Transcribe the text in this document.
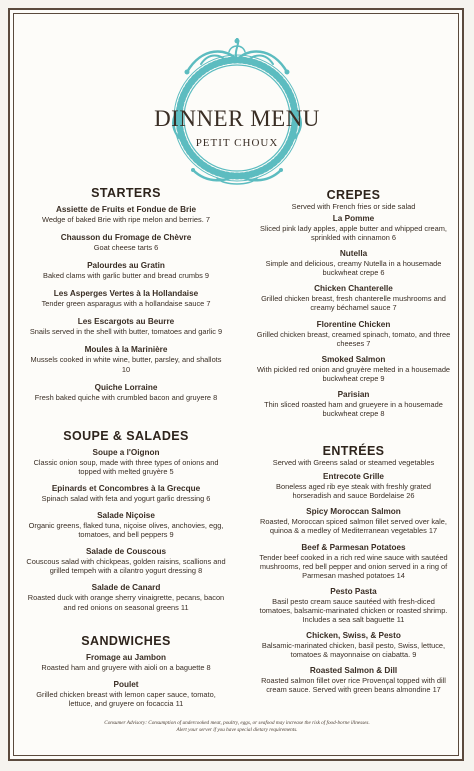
DINNER MENU
PETIT CHOUX

STARTERS

Assiette de Fruits et Fondue de Brie
Wedge of baked Brie with ripe melon and berries. 7
Chausson du Fromage de Chèvre
Goat cheese tarts 6
Palourdes au Gratin
Baked clams with garlic butter and bread crumbs 9
Les Asperges Vertes à la Hollandaise
Tender green asparagus with a hollandaise sauce 7
Les Escargots au Beurre
Snails served in the shell with butter, tomatoes and garlic 9
Moules à la Marinière
Mussels cooked in white wine, butter, parsley, and shallots 10
Quiche Lorraine
Fresh baked quiche with crumbled bacon and gruyere 8

SOUPE & SALADES

Soupe a l'Oignon
Classic onion soup, made with three types of onions and topped with melted gruyère 5
Epinards et Concombres à la Grecque
Spinach salad with feta and yogurt garlic dressing 6
Salade Niçoise
Organic greens, flaked tuna, niçoise olives, anchovies, egg, tomatoes, and bell peppers 9
Salade de Couscous
Couscous salad with chickpeas, golden raisins, scallions and grilled tempeh with a cilantro yogurt dressing 8
Salade de Canard
Roasted duck with orange sherry vinaigrette, pecans, bacon and red onions on seasonal greens 11

SANDWICHES

Fromage au Jambon
Roasted ham and gruyere with aioli on a baguette 8
Poulet
Grilled chicken breast with lemon caper sauce, tomato, lettuce, and gruyere on focaccia 11

CREPES

Served with French fries or side salad

La Pomme
Sliced pink lady apples, apple butter and whipped cream, sprinkled with cinnamon 6
Nutella
Simple and delicious, creamy Nutella in a housemade buckwheat crepe 6
Chicken Chanterelle
Grilled chicken breast, fresh chanterelle mushrooms and creamy béchamel sauce 7
Florentine Chicken
Grilled chicken breast, creamed spinach, tomato, and three cheeses 7
Smoked Salmon
With pickled red onion and gruyère melted in a housemade buckwheat crepe 9
Parisian
Thin sliced roasted ham and grueyere in a housemade buckwheat crepe 8

ENTRÉES

Served with Greens salad or steamed vegetables

Entrecote Grille
Boneless aged rib eye steak with freshly grated horseradish and sauce Bordelaise 26
Spicy Moroccan Salmon
Roasted, Moroccan spiced salmon fillet served over kale, quinoa & a medley of Mediterranean vegetables 17
Beef & Parmesan Potatoes
Tender beef cooked in a rich red wine sauce with sautéed mushrooms, red bell pepper and onion served in a ring of Parmesan mashed potatoes 14
Pesto Pasta
Basil pesto cream sauce sautéed with fresh-diced tomatoes, balsamic-marinated chicken or roasted shrimp. Includes a sea salt baguette 11
Chicken, Swiss, & Pesto
Balsamic-marinated chicken, basil pesto, Swiss, lettuce, tomatoes & mayonnaise on ciabatta. 9
Roasted Salmon & Dill
Roasted salmon fillet over rice Provençal topped with dill cream sauce. Served with green beans almondine 17
Consumer Advisory: Consumption of undercooked meat, poultry, eggs, or seafood may increase the risk of food-borne illnesses.
Alert your server if you have special dietary requirements.
